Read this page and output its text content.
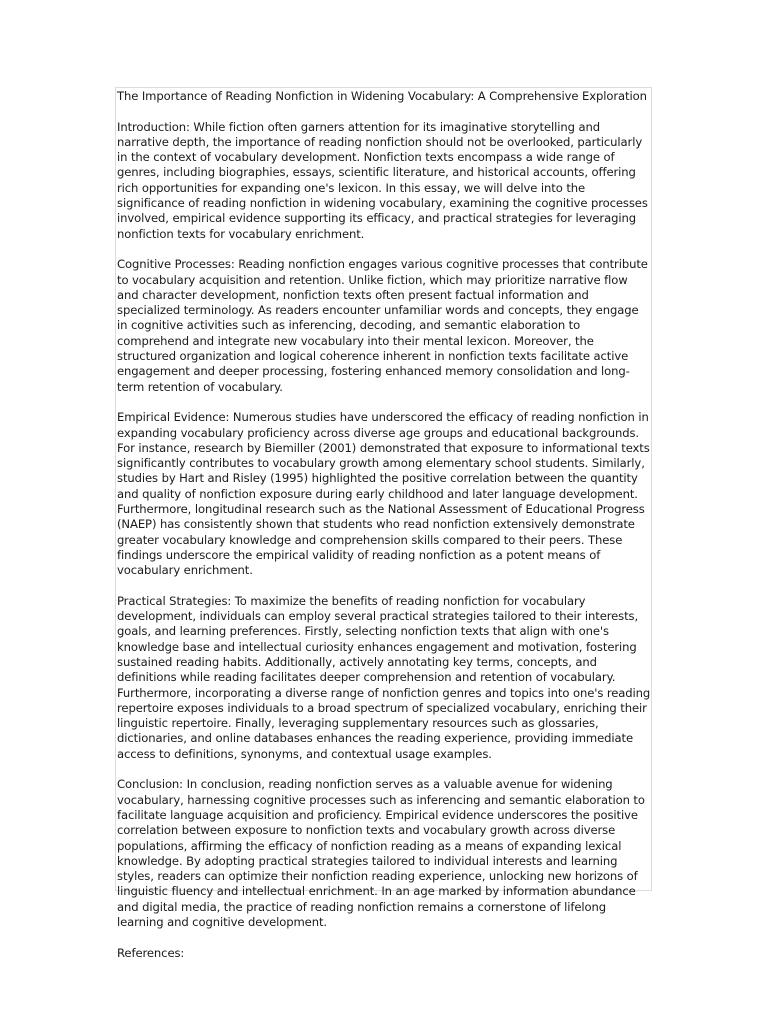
The Importance of Reading Nonfiction in Widening Vocabulary: A Comprehensive Exploration

Introduction: While fiction often garners attention for its imaginative storytelling and narrative depth, the importance of reading nonfiction should not be overlooked, particularly in the context of vocabulary development. Nonfiction texts encompass a wide range of genres, including biographies, essays, scientific literature, and historical accounts, offering rich opportunities for expanding one's lexicon. In this essay, we will delve into the significance of reading nonfiction in widening vocabulary, examining the cognitive processes involved, empirical evidence supporting its efficacy, and practical strategies for leveraging nonfiction texts for vocabulary enrichment.

Cognitive Processes: Reading nonfiction engages various cognitive processes that contribute to vocabulary acquisition and retention. Unlike fiction, which may prioritize narrative flow and character development, nonfiction texts often present factual information and specialized terminology. As readers encounter unfamiliar words and concepts, they engage in cognitive activities such as inferencing, decoding, and semantic elaboration to comprehend and integrate new vocabulary into their mental lexicon. Moreover, the structured organization and logical coherence inherent in nonfiction texts facilitate active engagement and deeper processing, fostering enhanced memory consolidation and long-term retention of vocabulary.

Empirical Evidence: Numerous studies have underscored the efficacy of reading nonfiction in expanding vocabulary proficiency across diverse age groups and educational backgrounds. For instance, research by Biemiller (2001) demonstrated that exposure to informational texts significantly contributes to vocabulary growth among elementary school students. Similarly, studies by Hart and Risley (1995) highlighted the positive correlation between the quantity and quality of nonfiction exposure during early childhood and later language development. Furthermore, longitudinal research such as the National Assessment of Educational Progress (NAEP) has consistently shown that students who read nonfiction extensively demonstrate greater vocabulary knowledge and comprehension skills compared to their peers. These findings underscore the empirical validity of reading nonfiction as a potent means of vocabulary enrichment.

Practical Strategies: To maximize the benefits of reading nonfiction for vocabulary development, individuals can employ several practical strategies tailored to their interests, goals, and learning preferences. Firstly, selecting nonfiction texts that align with one's knowledge base and intellectual curiosity enhances engagement and motivation, fostering sustained reading habits. Additionally, actively annotating key terms, concepts, and definitions while reading facilitates deeper comprehension and retention of vocabulary. Furthermore, incorporating a diverse range of nonfiction genres and topics into one's reading repertoire exposes individuals to a broad spectrum of specialized vocabulary, enriching their linguistic repertoire. Finally, leveraging supplementary resources such as glossaries, dictionaries, and online databases enhances the reading experience, providing immediate access to definitions, synonyms, and contextual usage examples.

Conclusion: In conclusion, reading nonfiction serves as a valuable avenue for widening vocabulary, harnessing cognitive processes such as inferencing and semantic elaboration to facilitate language acquisition and proficiency. Empirical evidence underscores the positive correlation between exposure to nonfiction texts and vocabulary growth across diverse populations, affirming the efficacy of nonfiction reading as a means of expanding lexical knowledge. By adopting practical strategies tailored to individual interests and learning styles, readers can optimize their nonfiction reading experience, unlocking new horizons of linguistic fluency and intellectual enrichment. In an age marked by information abundance and digital media, the practice of reading nonfiction remains a cornerstone of lifelong learning and cognitive development.

References:
